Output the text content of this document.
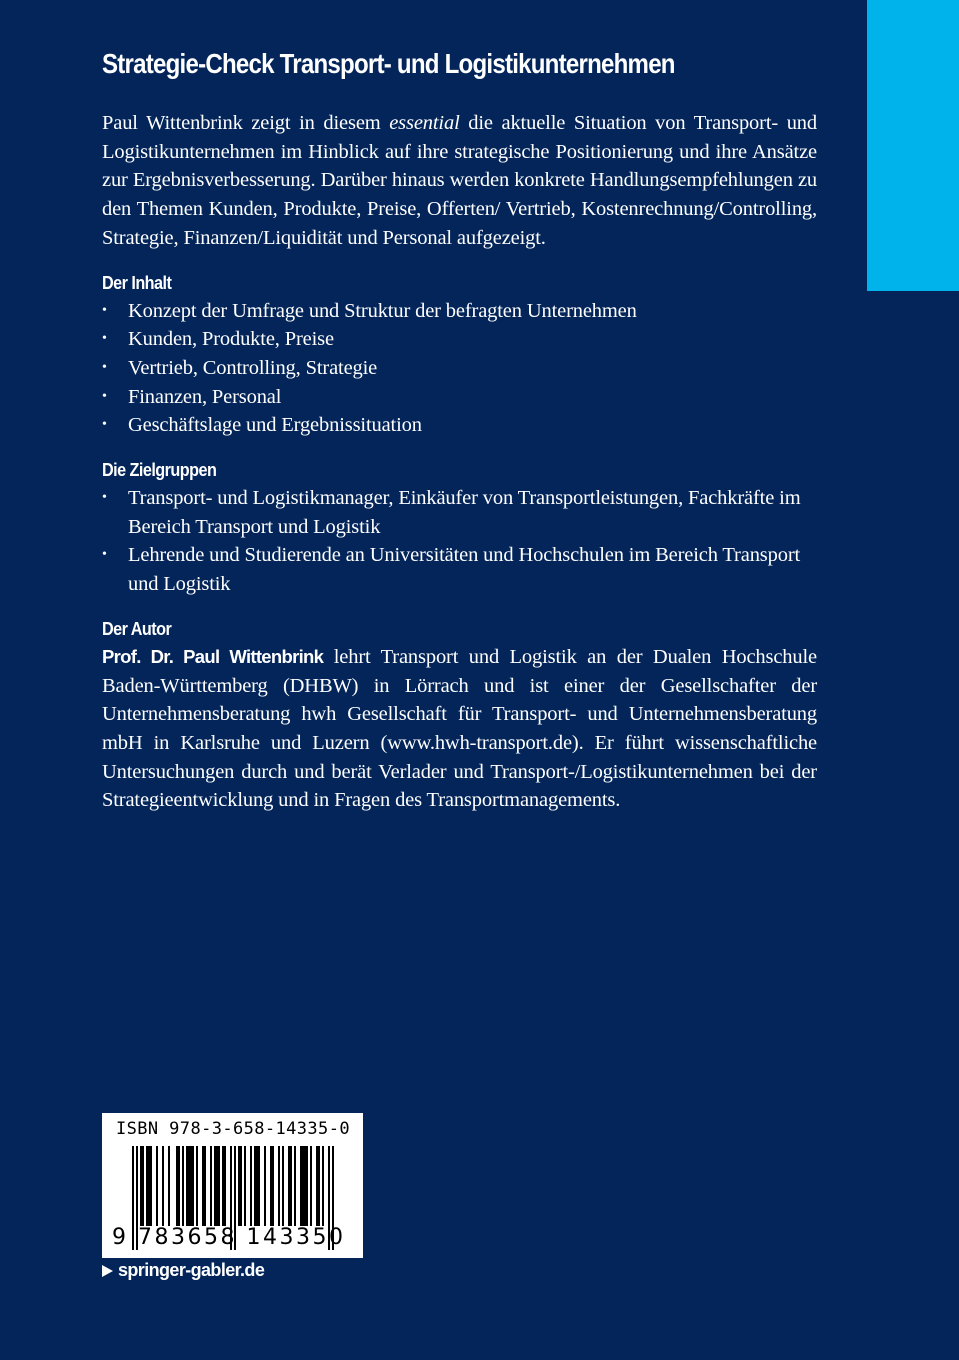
Strategie-Check Transport- und Logistikunternehmen

Paul Wittenbrink zeigt in diesem essential die aktuelle Situation von Transport- und Logistikunternehmen im Hinblick auf ihre strategische Positionierung und ihre Ansätze zur Ergebnisverbesserung. Darüber hinaus werden konkrete Handlungsempfehlungen zu den Themen Kunden, Produkte, Preise, Offerten/ Vertrieb, Kostenrechnung/Controlling, Strategie, Finanzen/Liquidität und Personal aufgezeigt.

Der Inhalt
• Konzept der Umfrage und Struktur der befragten Unternehmen
• Kunden, Produkte, Preise
• Vertrieb, Controlling, Strategie
• Finanzen, Personal
• Geschäftslage und Ergebnissituation
Die Zielgruppen
• Transport- und Logistikmanager, Einkäufer von Transportleistungen, Fachkräfte im Bereich Transport und Logistik
• Lehrende und Studierende an Universitäten und Hochschulen im Bereich Transport und Logistik
Der Autor

Prof. Dr. Paul Wittenbrink lehrt Transport und Logistik an der Dualen Hochschule Baden-Württemberg (DHBW) in Lörrach und ist einer der Gesellschafter der Unternehmensberatung hwh Gesellschaft für Transport- und Unternehmensberatung mbH in Karlsruhe und Luzern (www.hwh-transport.de). Er führt wissenschaftliche Untersuchungen durch und berät Verlader und Transport-/Logistikunternehmen bei der Strategieentwicklung und in Fragen des Transportmanagements.

ISBN 978-3-658-14335-0
9 783658 143350
springer-gabler.de
